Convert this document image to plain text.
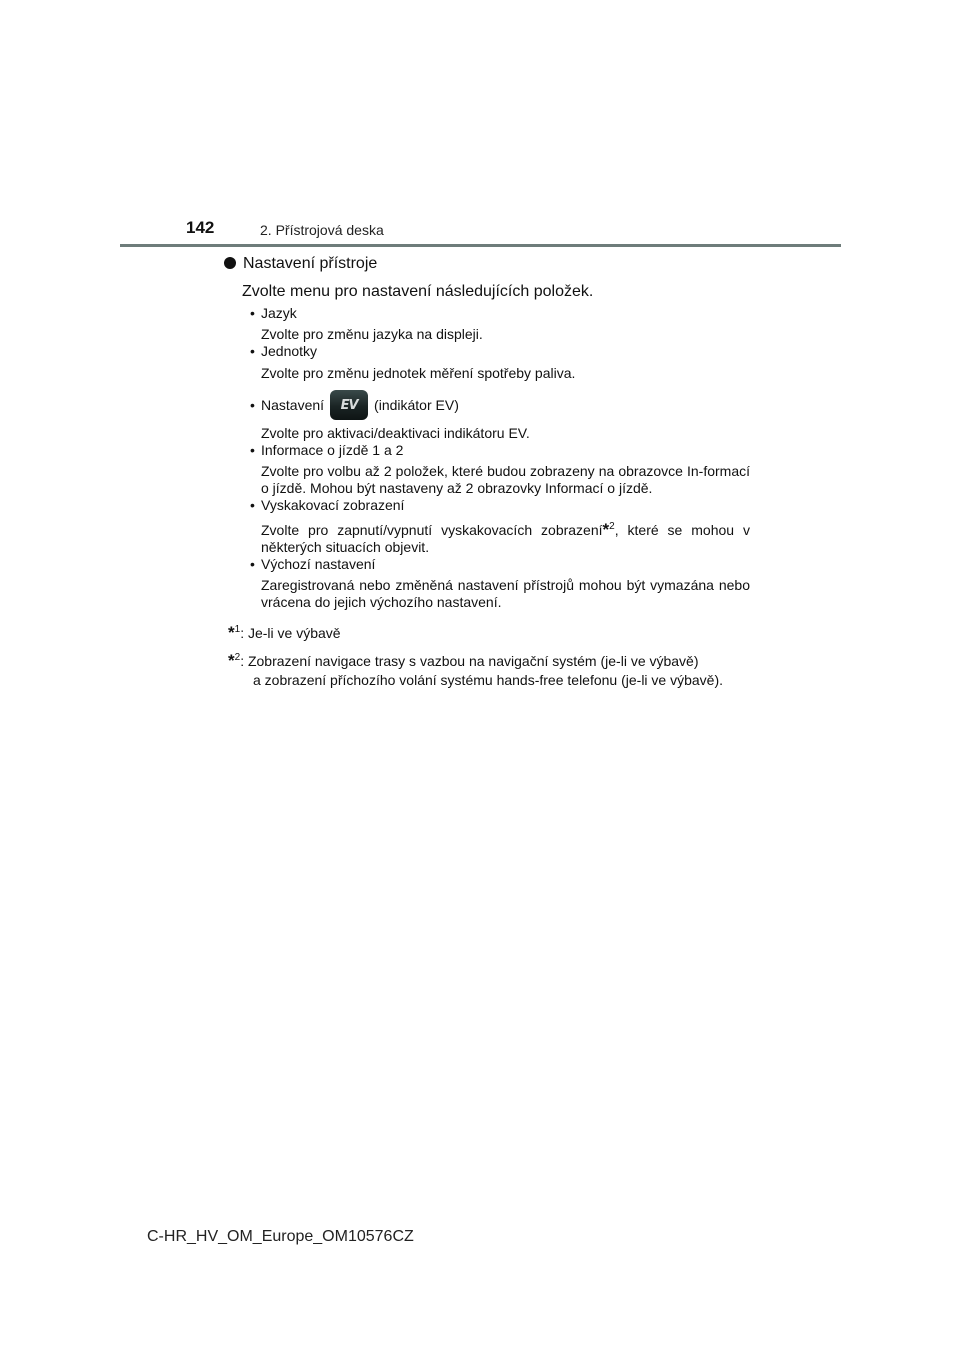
142	2. Přístrojová deska
Nastavení přístroje
Zvolte menu pro nastavení následujících položek.
• Jazyk
Zvolte pro změnu jazyka na displeji.
• Jednotky
Zvolte pro změnu jednotek měření spotřeby paliva.
• Nastavení EV (indikátor EV)
Zvolte pro aktivaci/deaktivaci indikátoru EV.
• Informace o jízdě 1 a 2
Zvolte pro volbu až 2 položek, které budou zobrazeny na obrazovce In-formací o jízdě. Mohou být nastaveny až 2 obrazovky Informací o jízdě.
• Vyskakovací zobrazení
Zvolte pro zapnutí/vypnutí vyskakovacích zobrazení*$^2$, které se mohou v některých situacích objevit.
• Výchozí nastavení
Zaregistrovaná nebo změněná nastavení přístrojů mohou být vymazána nebo vrácena do jejich výchozího nastavení.
*$^1$: Je-li ve výbavě
*$^2$: Zobrazení navigace trasy s vazbou na navigační systém (je-li ve výbavě)
a zobrazení příchozího volání systému hands-free telefonu (je-li ve výbavě).
C-HR_HV_OM_Europe_OM10576CZ
